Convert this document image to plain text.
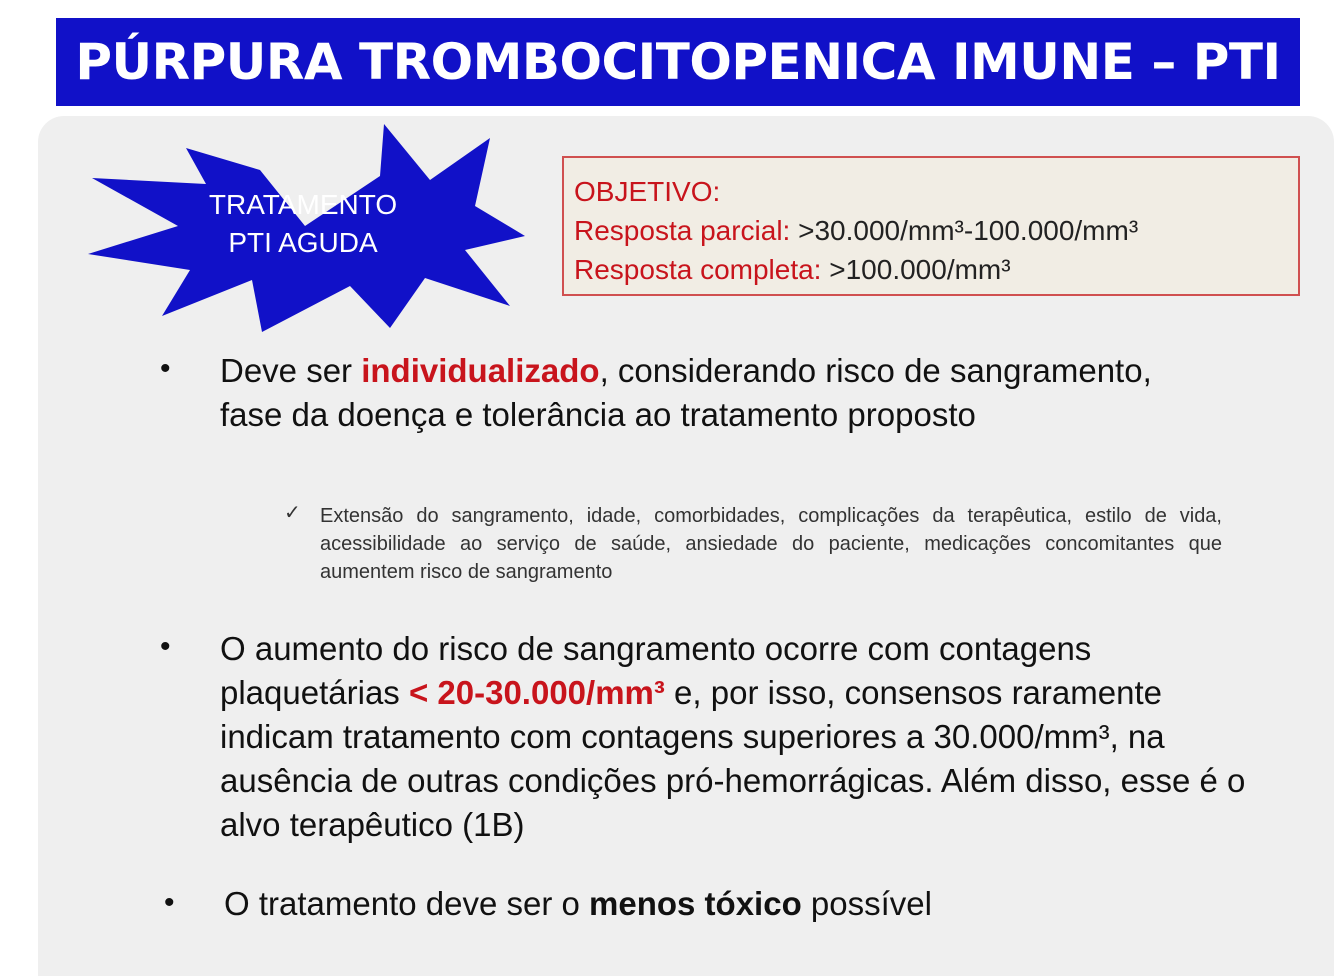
PÚRPURA TROMBOCITOPENICA IMUNE – PTI
TRATAMENTO
PTI AGUDA
OBJETIVO:
Resposta parcial: >30.000/mm³-100.000/mm³
Resposta completa: >100.000/mm³
• Deve ser individualizado, considerando risco de sangramento, fase da doença e tolerância ao tratamento proposto
✓ Extensão do sangramento, idade, comorbidades, complicações da terapêutica, estilo de vida, acessibilidade ao serviço de saúde, ansiedade do paciente, medicações concomitantes que aumentem risco de sangramento
• O aumento do risco de sangramento ocorre com contagens plaquetárias < 20-30.000/mm³ e, por isso, consensos raramente indicam tratamento com contagens superiores a 30.000/mm³, na ausência de outras condições pró-hemorrágicas. Além disso, esse é o alvo terapêutico (1B)
• O tratamento deve ser o menos tóxico possível
